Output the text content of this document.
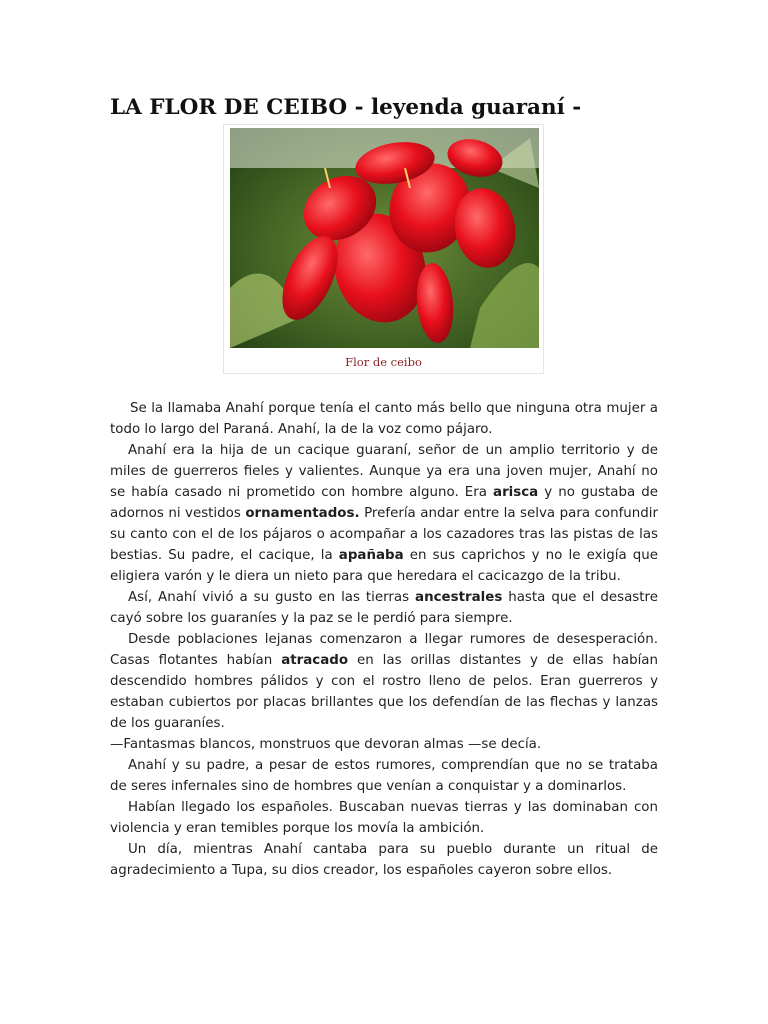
LA FLOR DE CEIBO - leyenda guaraní -
Flor de ceibo

Se la llamaba Anahí porque tenía el canto más bello que ninguna otra mujer a todo lo largo del Paraná. Anahí, la de la voz como pájaro.

Anahí era la hija de un cacique guaraní, señor de un amplio territorio y de miles de guerreros fieles y valientes. Aunque ya era una joven mujer, Anahí no se había casado ni prometido con hombre alguno. Era arisca y no gustaba de adornos ni vestidos ornamentados. Prefería andar entre la selva para confundir su canto con el de los pájaros o acompañar a los cazadores tras las pistas de las bestias. Su padre, el cacique, la apañaba en sus caprichos y no le exigía que eligiera varón y le diera un nieto para que heredara el cacicazgo de la tribu.

Así, Anahí vivió a su gusto en las tierras ancestrales hasta que el desastre cayó sobre los guaraníes y la paz se le perdió para siempre.

Desde poblaciones lejanas comenzaron a llegar rumores de desesperación. Casas flotantes habían atracado en las orillas distantes y de ellas habían descendido hombres pálidos y con el rostro lleno de pelos. Eran guerreros y estaban cubiertos por placas brillantes que los defendían de las flechas y lanzas de los guaraníes.

—Fantasmas blancos, monstruos que devoran almas —se decía.

Anahí y su padre, a pesar de estos rumores, comprendían que no se trataba de seres infernales sino de hombres que venían a conquistar y a dominarlos.

Habían llegado los españoles. Buscaban nuevas tierras y las dominaban con violencia y eran temibles porque los movía la ambición.

Un día, mientras Anahí cantaba para su pueblo durante un ritual de agradecimiento a Tupa, su dios creador, los españoles cayeron sobre ellos.
